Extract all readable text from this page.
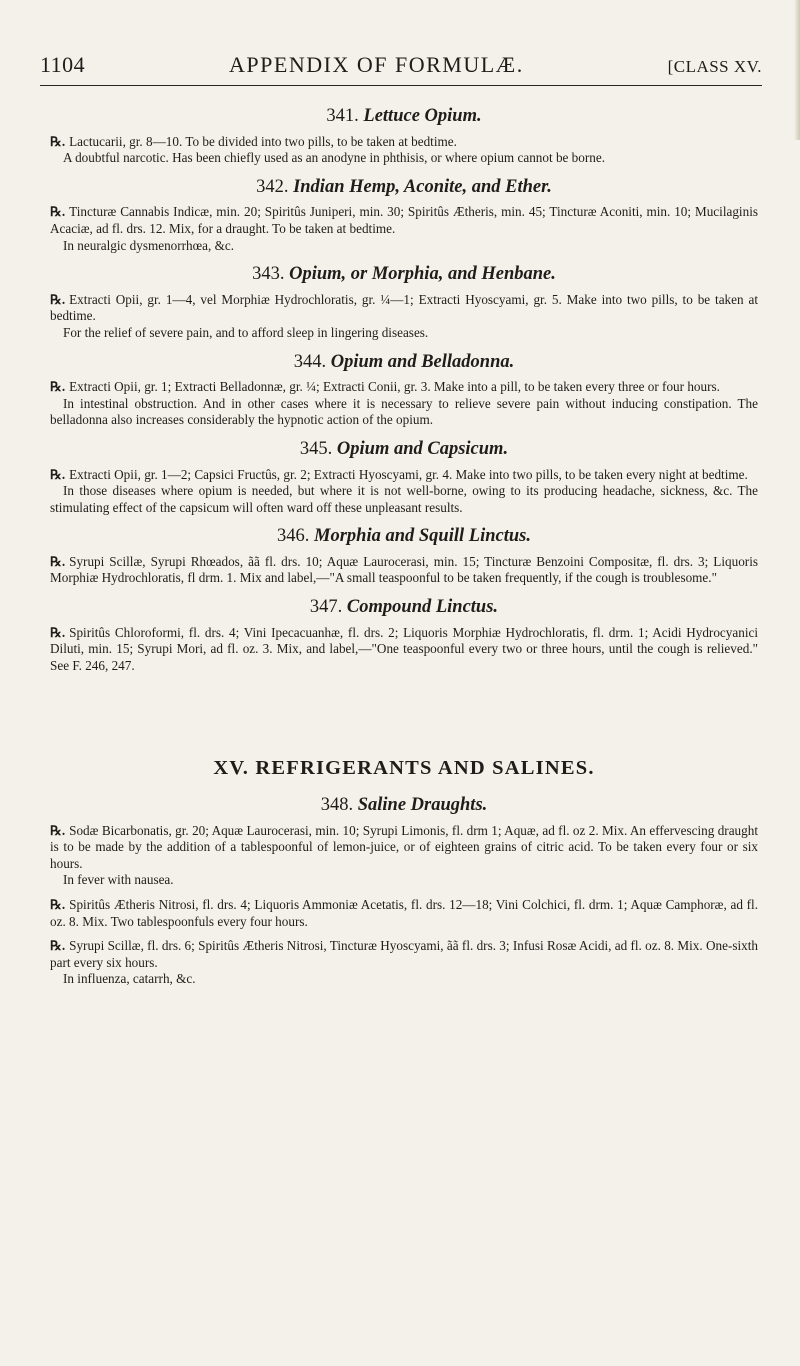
1104	APPENDIX OF FORMULÆ.	[CLASS XV.
341. Lettuce Opium.

℞. Lactucarii, gr. 8—10. To be divided into two pills, to be taken at bedtime.

A doubtful narcotic. Has been chiefly used as an anodyne in phthisis, or where opium cannot be borne.

342. Indian Hemp, Aconite, and Ether.

℞. Tincturæ Cannabis Indicæ, min. 20; Spiritûs Juniperi, min. 30; Spiritûs Ætheris, min. 45; Tincturæ Aconiti, min. 10; Mucilaginis Acaciæ, ad fl. drs. 12. Mix, for a draught. To be taken at bedtime.

In neuralgic dysmenorrhœa, &c.

343. Opium, or Morphia, and Henbane.

℞. Extracti Opii, gr. 1—4, vel Morphiæ Hydrochloratis, gr. ¼—1; Extracti Hyoscyami, gr. 5. Make into two pills, to be taken at bedtime.

For the relief of severe pain, and to afford sleep in lingering diseases.

344. Opium and Belladonna.

℞. Extracti Opii, gr. 1; Extracti Belladonnæ, gr. ¼; Extracti Conii, gr. 3. Make into a pill, to be taken every three or four hours.

In intestinal obstruction. And in other cases where it is necessary to relieve severe pain without inducing constipation. The belladonna also increases considerably the hypnotic action of the opium.

345. Opium and Capsicum.

℞. Extracti Opii, gr. 1—2; Capsici Fructûs, gr. 2; Extracti Hyoscyami, gr. 4. Make into two pills, to be taken every night at bedtime.

In those diseases where opium is needed, but where it is not well-borne, owing to its producing headache, sickness, &c. The stimulating effect of the capsicum will often ward off these unpleasant results.

346. Morphia and Squill Linctus.

℞. Syrupi Scillæ, Syrupi Rhœados, ãã fl. drs. 10; Aquæ Laurocerasi, min. 15; Tincturæ Benzoini Compositæ, fl. drs. 3; Liquoris Morphiæ Hydrochloratis, fl drm. 1. Mix and label,—"A small teaspoonful to be taken frequently, if the cough is troublesome."

347. Compound Linctus.

℞. Spiritûs Chloroformi, fl. drs. 4; Vini Ipecacuanhæ, fl. drs. 2; Liquoris Morphiæ Hydrochloratis, fl. drm. 1; Acidi Hydrocyanici Diluti, min. 15; Syrupi Mori, ad fl. oz. 3. Mix, and label,—"One teaspoonful every two or three hours, until the cough is relieved." See F. 246, 247.

XV. REFRIGERANTS AND SALINES.
348. Saline Draughts.

℞. Sodæ Bicarbonatis, gr. 20; Aquæ Laurocerasi, min. 10; Syrupi Limonis, fl. drm 1; Aquæ, ad fl. oz 2. Mix. An effervescing draught is to be made by the addition of a tablespoonful of lemon-juice, or of eighteen grains of citric acid. To be taken every four or six hours.

In fever with nausea.

℞. Spiritûs Ætheris Nitrosi, fl. drs. 4; Liquoris Ammoniæ Acetatis, fl. drs. 12—18; Vini Colchici, fl. drm. 1; Aquæ Camphoræ, ad fl. oz. 8. Mix. Two tablespoonfuls every four hours.

℞. Syrupi Scillæ, fl. drs. 6; Spiritûs Ætheris Nitrosi, Tincturæ Hyoscyami, ãã fl. drs. 3; Infusi Rosæ Acidi, ad fl. oz. 8. Mix. One-sixth part every six hours.

In influenza, catarrh, &c.
